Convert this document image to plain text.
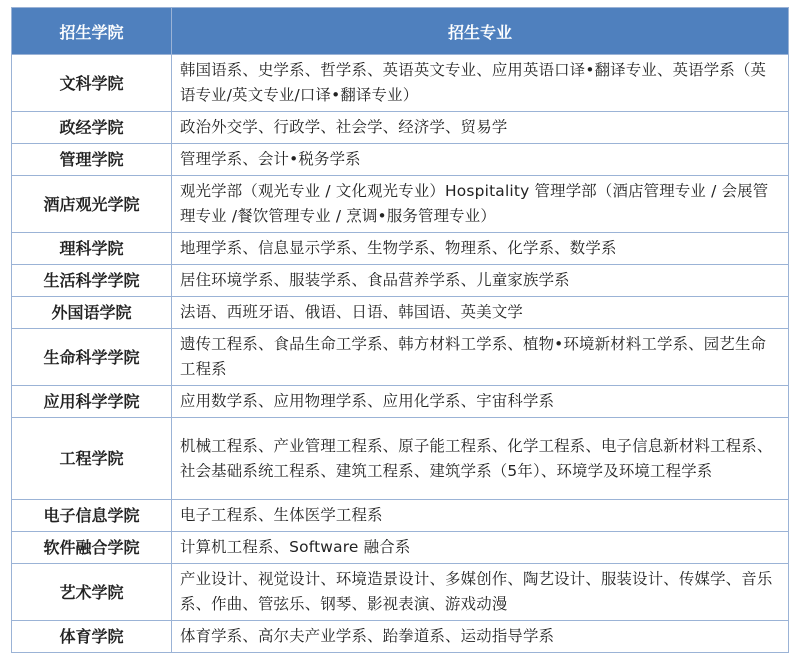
招生学院	招生专业
文科学院	韩国语系、史学系、哲学系、英语英文专业、应用英语口译•翻译专业、英语学系（英语专业/英文专业/口译•翻译专业）
政经学院	政治外交学、行政学、社会学、经济学、贸易学
管理学院	管理学系、会计•税务学系
酒店观光学院	观光学部（观光专业 / 文化观光专业）Hospitality 管理学部（酒店管理专业 / 会展管理专业 /餐饮管理专业 / 烹调•服务管理专业）
理科学院	地理学系、信息显示学系、生物学系、物理系、化学系、数学系
生活科学学院	居住环境学系、服装学系、食品营养学系、儿童家族学系
外国语学院	法语、西班牙语、俄语、日语、韩国语、英美文学
生命科学学院	遗传工程系、食品生命工学系、韩方材料工学系、植物•环境新材料工学系、园艺生命工程系
应用科学学院	应用数学系、应用物理学系、应用化学系、宇宙科学系
工程学院	机械工程系、产业管理工程系、原子能工程系、化学工程系、电子信息新材料工程系、社会基础系统工程系、建筑工程系、建筑学系（5年）、环境学及环境工程学系
电子信息学院	电子工程系、生体医学工程系
软件融合学院	计算机工程系、Software 融合系
艺术学院	产业设计、视觉设计、环境造景设计、多媒创作、陶艺设计、服装设计、传媒学、音乐系、作曲、管弦乐、钢琴、影视表演、游戏动漫
体育学院	体育学系、高尔夫产业学系、跆拳道系、运动指导学系
